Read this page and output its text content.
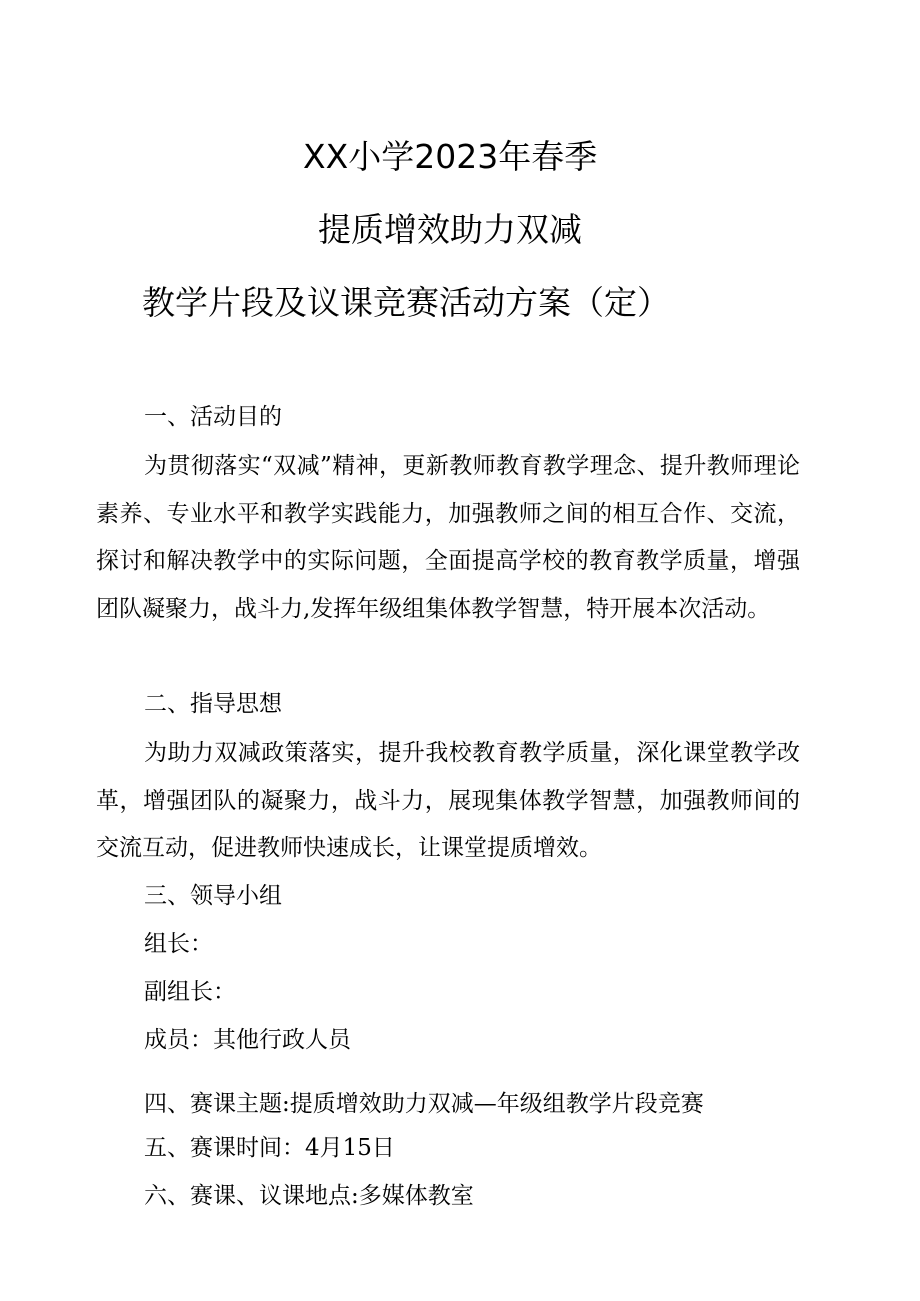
XX小学2023年春季
提质增效助力双减
教学片段及议课竞赛活动方案（定）
一、活动目的

为贯彻落实“双减”精神，更新教师教育教学理念、提升教师理论素养、专业水平和教学实践能力，加强教师之间的相互合作、交流，探讨和解决教学中的实际问题，全面提高学校的教育教学质量，增强团队凝聚力，战斗力,发挥年级组集体教学智慧，特开展本次活动。

二、指导思想

为助力双减政策落实，提升我校教育教学质量，深化课堂教学改革，增强团队的凝聚力，战斗力，展现集体教学智慧，加强教师间的交流互动，促进教师快速成长，让课堂提质增效。

三、领导小组
组长：
副组长：
成员：其他行政人员
四、赛课主题:提质增效助力双减—年级组教学片段竞赛
五、赛课时间：4月15日
六、赛课、议课地点:多媒体教室
